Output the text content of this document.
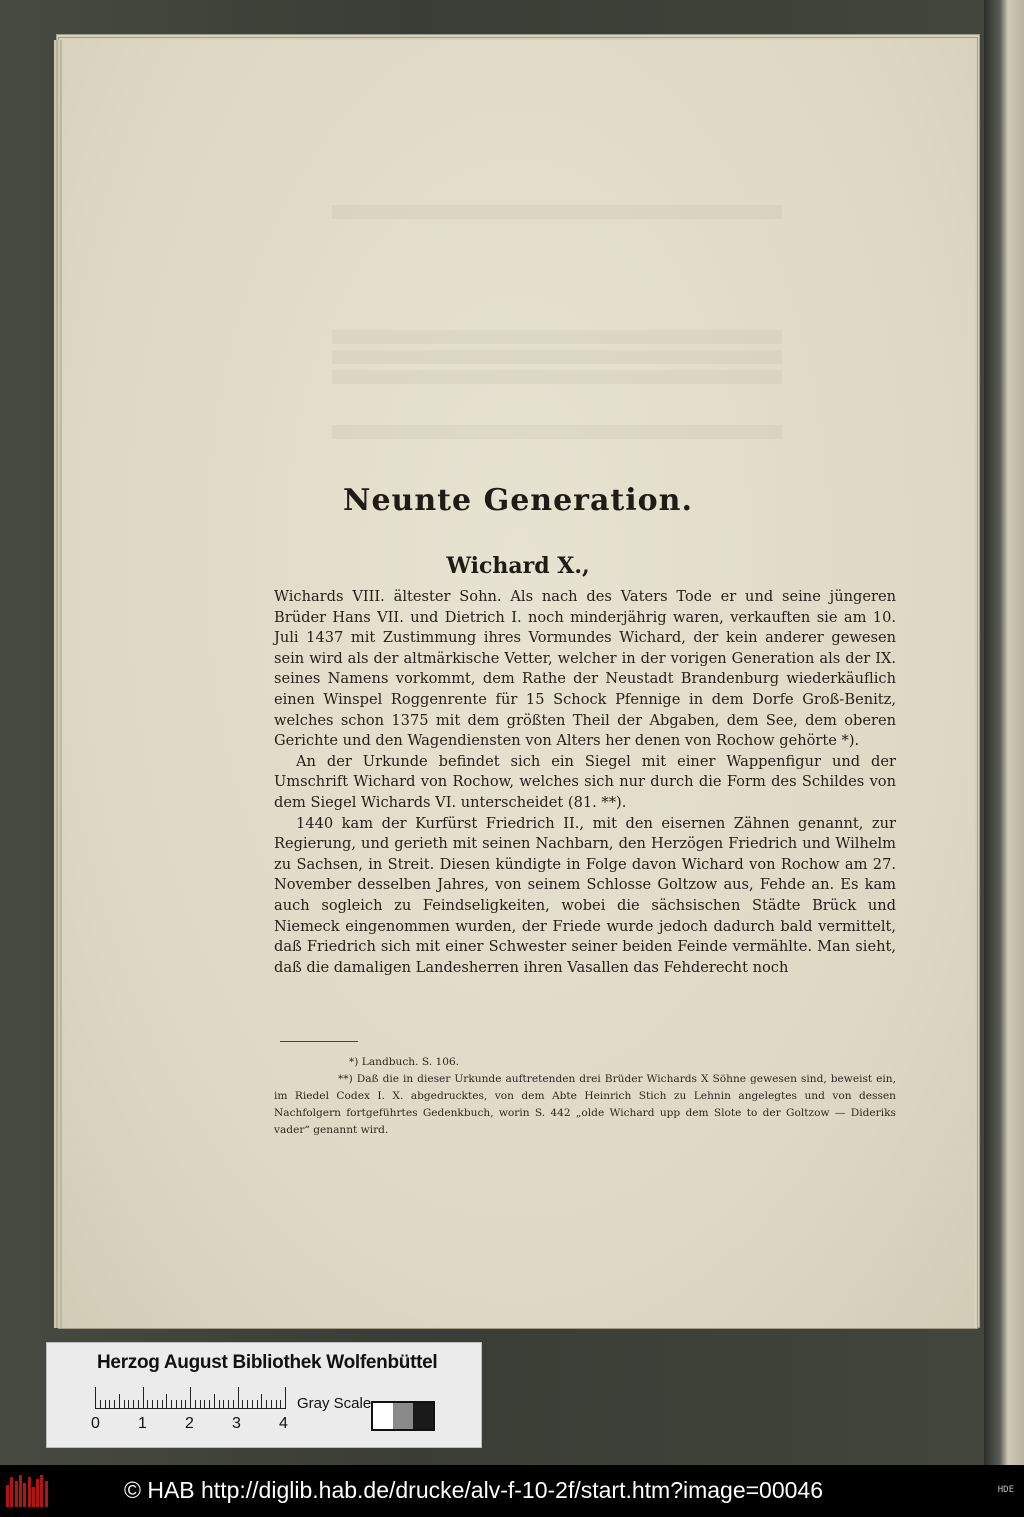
Neunte Generation.
Wichard X.,

Wichards VIII. ältester Sohn. Als nach des Vaters Tode er und seine jüngeren Brüder Hans VII. und Dietrich I. noch minderjährig waren, verkauften sie am 10. Juli 1437 mit Zustimmung ihres Vormundes Wichard, der kein anderer gewesen sein wird als der altmärkische Vetter, welcher in der vorigen Generation als der IX. seines Namens vorkommt, dem Rathe der Neustadt Brandenburg wiederkäuflich einen Winspel Roggenrente für 15 Schock Pfennige in dem Dorfe Groß-Benitz, welches schon 1375 mit dem größten Theil der Abgaben, dem See, dem oberen Gerichte und den Wagendiensten von Alters her denen von Rochow gehörte *).

An der Urkunde befindet sich ein Siegel mit einer Wappenfigur und der Umschrift Wichard von Rochow, welches sich nur durch die Form des Schildes von dem Siegel Wichards VI. unterscheidet (81. **).

1440 kam der Kurfürst Friedrich II., mit den eisernen Zähnen genannt, zur Regierung, und gerieth mit seinen Nachbarn, den Herzögen Friedrich und Wilhelm zu Sachsen, in Streit. Diesen kündigte in Folge davon Wichard von Rochow am 27. November desselben Jahres, von seinem Schlosse Goltzow aus, Fehde an. Es kam auch sogleich zu Feindseligkeiten, wobei die sächsischen Städte Brück und Niemeck eingenommen wurden, der Friede wurde jedoch dadurch bald vermittelt, daß Friedrich sich mit einer Schwester seiner beiden Feinde vermählte. Man sieht, daß die damaligen Landesherren ihren Vasallen das Fehderecht noch

*) Landbuch. S. 106.

**) Daß die in dieser Urkunde auftretenden drei Brüder Wichards X Söhne gewesen sind, beweist ein, im Riedel Codex I. X. abgedrucktes, von dem Abte Heinrich Stich zu Lehnin angelegtes und von dessen Nachfolgern fortgeführtes Gedenkbuch, worin S. 442 „olde Wichard upp dem Slote to der Goltzow — Dideriks vader“ genannt wird.

Herzog August Bibliothek Wolfenbüttel
0 1 2 3 4
Gray Scale
© HAB http://diglib.hab.de/drucke/alv-f-10-2f/start.htm?image=00046	HDE
